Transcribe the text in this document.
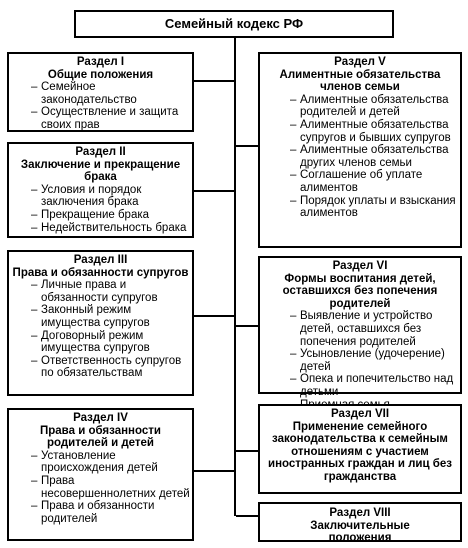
Семейный кодекс РФ
Раздел I
Общие положения
– Семейное законодательство
– Осуществление и защита своих прав
Раздел II
Заключение и прекращение брака
– Условия и порядок заключения брака
– Прекращение брака
– Недействительность брака
Раздел III
Права и обязанности супругов
– Личные права и обязанности супругов
– Законный режим имущества супругов
– Договорный режим имущества супругов
– Ответственность супругов по обязательствам
Раздел IV
Права и обязанности родителей и детей
– Установление происхождения детей
– Права несовершеннолетних детей
– Права и обязанности родителей
Раздел V
Алиментные обязательства членов семьи
– Алиментные обязательства родителей и детей
– Алиментные обязательства супругов и бывших супругов
– Алиментные обязательства других членов семьи
– Соглашение об уплате алиментов
– Порядок уплаты и взыскания алиментов
Раздел VI
Формы воспитания детей, оставшихся без попечения родителей
– Выявление и устройство детей, оставшихся без попечения родителей
– Усыновление (удочерение) детей
– Опека и попечительство над детьми
–
Раздел VII
Применение семейного законодательства к семейным отношениям с участием иностранных граждан и лиц без гражданства
Раздел VIII
Заключительные положения
